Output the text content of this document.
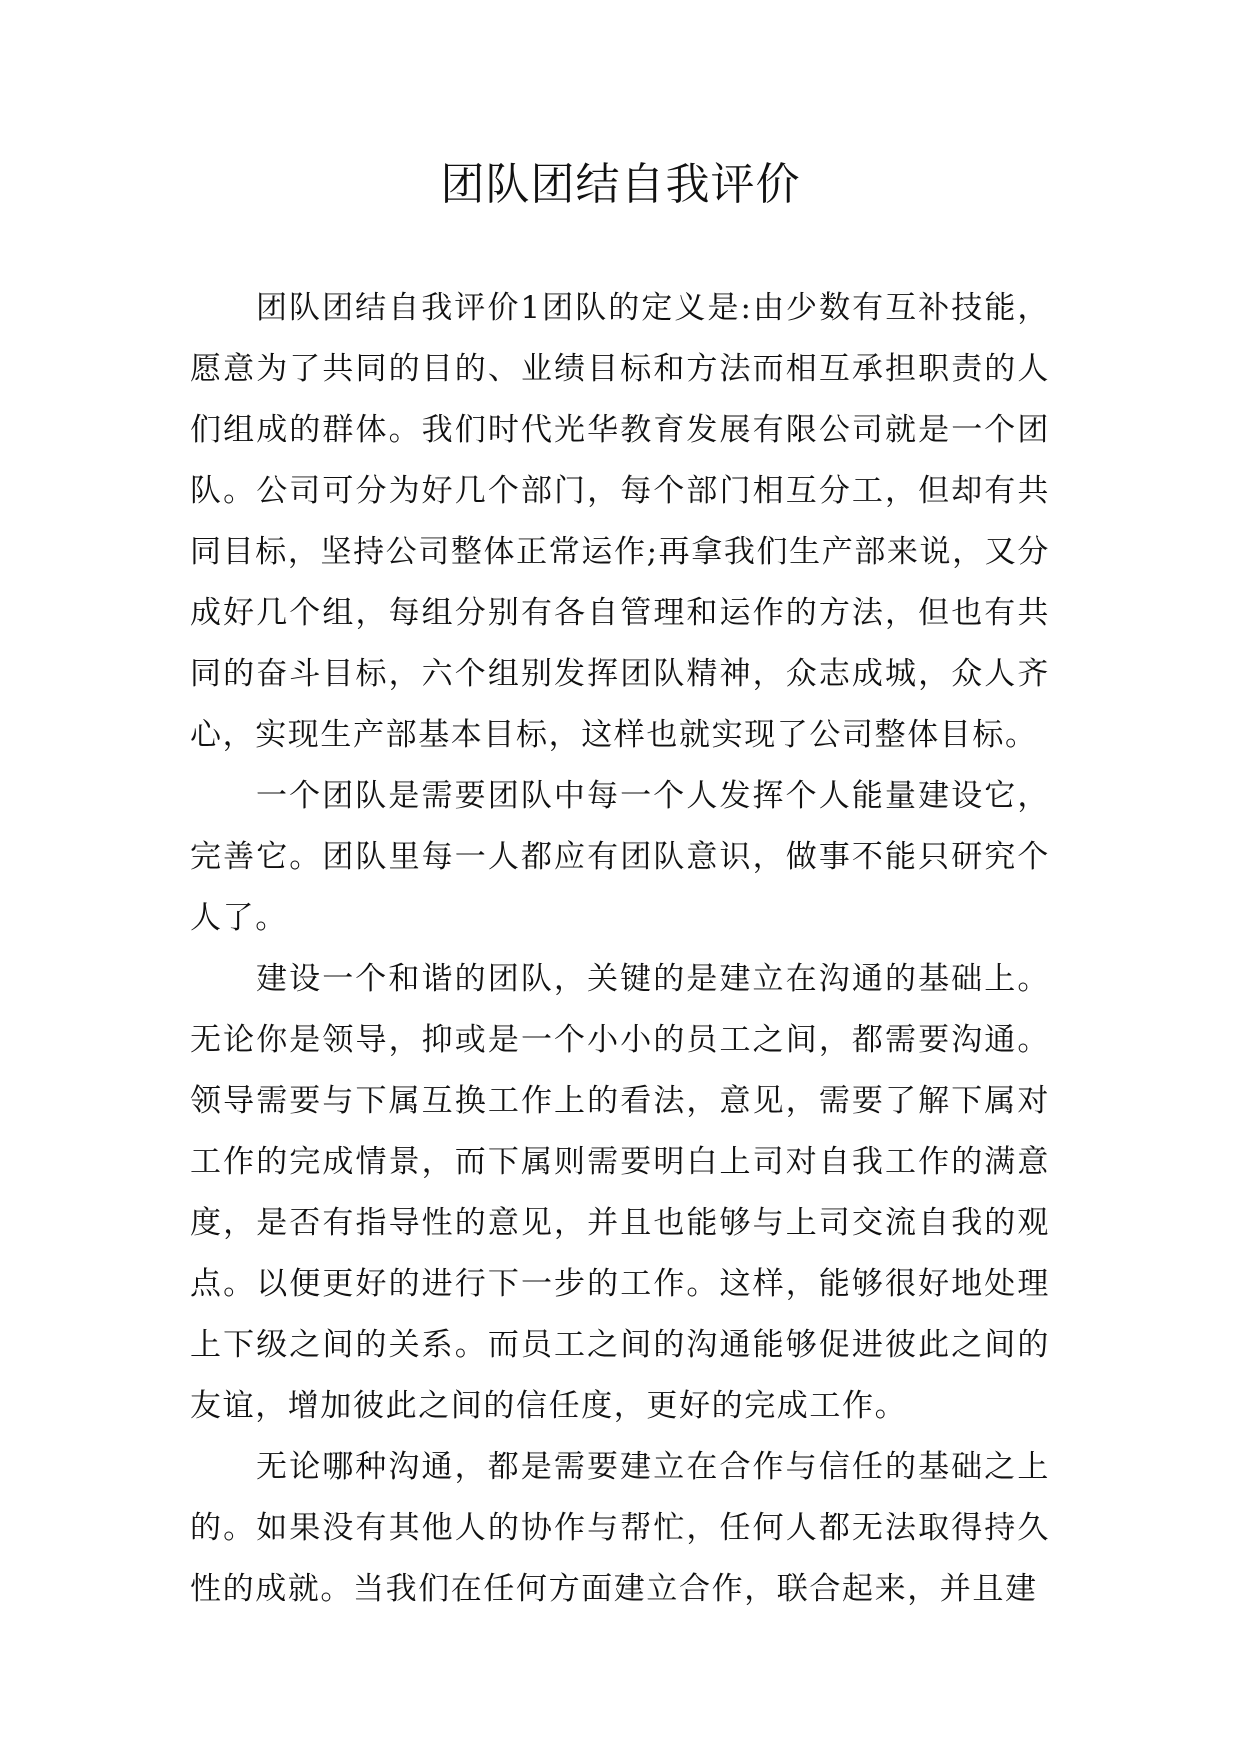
团队团结自我评价

团队团结自我评价1团队的定义是:由少数有互补技能，愿意为了共同的目的、业绩目标和方法而相互承担职责的人们组成的群体。我们时代光华教育发展有限公司就是一个团队。公司可分为好几个部门，每个部门相互分工，但却有共同目标，坚持公司整体正常运作;再拿我们生产部来说，又分成好几个组，每组分别有各自管理和运作的方法，但也有共同的奋斗目标，六个组别发挥团队精神，众志成城，众人齐心，实现生产部基本目标，这样也就实现了公司整体目标。

一个团队是需要团队中每一个人发挥个人能量建设它，完善它。团队里每一人都应有团队意识，做事不能只研究个人了。

建设一个和谐的团队，关键的是建立在沟通的基础上。无论你是领导，抑或是一个小小的员工之间，都需要沟通。领导需要与下属互换工作上的看法，意见，需要了解下属对工作的完成情景，而下属则需要明白上司对自我工作的满意度，是否有指导性的意见，并且也能够与上司交流自我的观点。以便更好的进行下一步的工作。这样，能够很好地处理上下级之间的关系。而员工之间的沟通能够促进彼此之间的友谊，增加彼此之间的信任度，更好的完成工作。

无论哪种沟通，都是需要建立在合作与信任的基础之上的。如果没有其他人的协作与帮忙，任何人都无法取得持久性的成就。当我们在任何方面建立合作，联合起来，并且建
